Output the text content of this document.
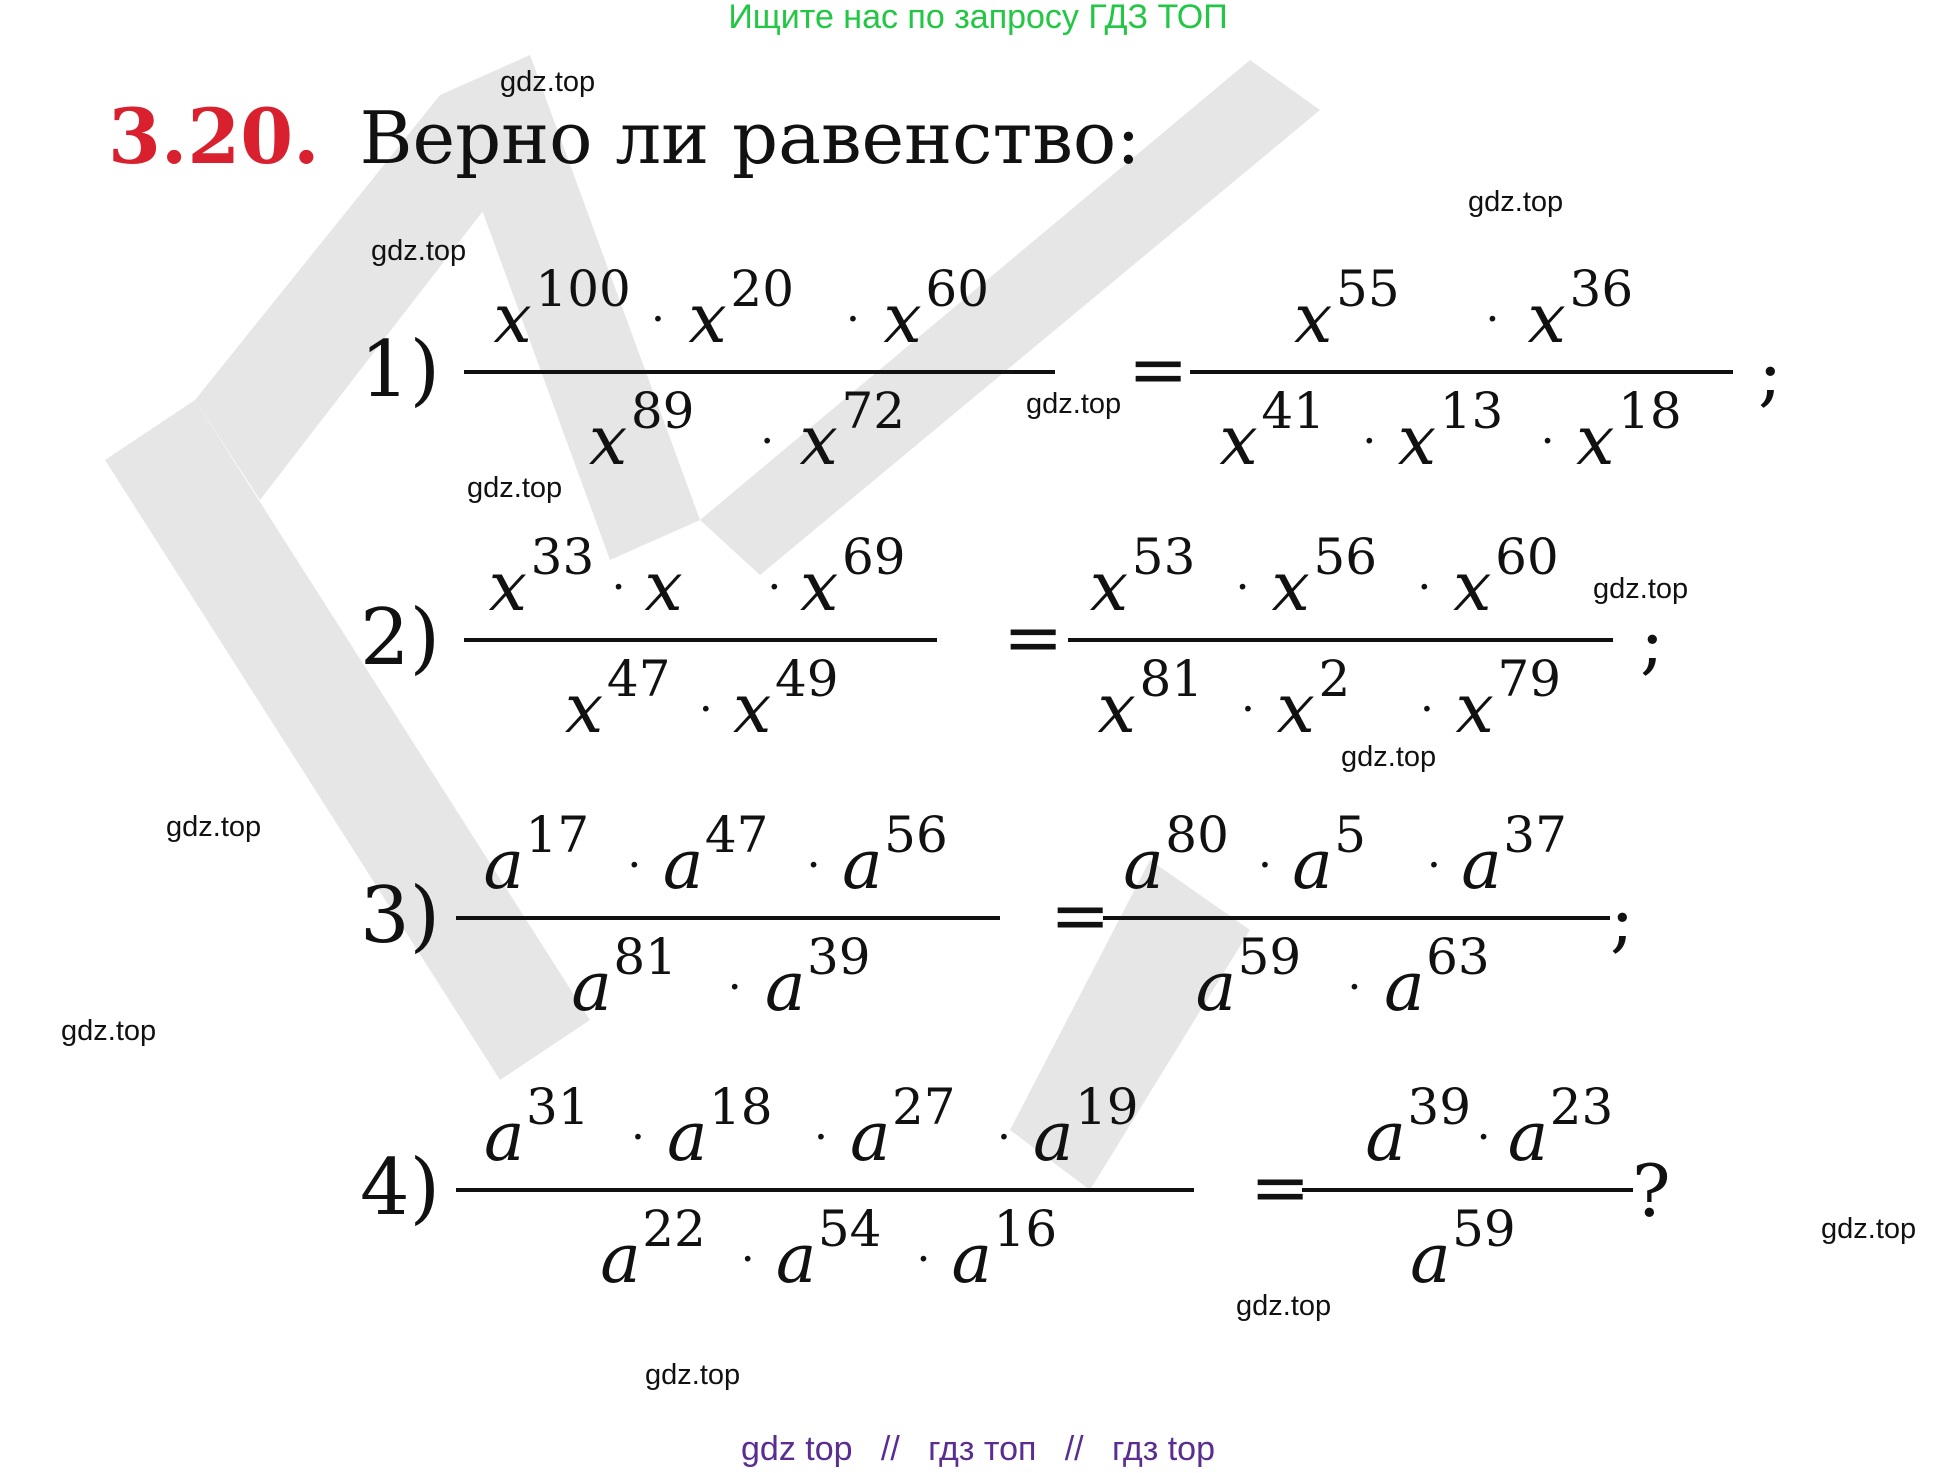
Ищите нас по запросу ГДЗ ТОП
3.20. Верно ли равенство:
1)
x 100
· x 20
· x 60
x 89
· x 72	=
x 55
· x 36
x 41
· x 13
· x 18 ;
2)
x 33
· x · x 69
x 47
· x 49 =
x 53
· x 56
· x 60
x 81
· x 2
· x 79 ;
3)
a 17
· a 47
· a 56
a 81
· a 39 =
a 80
· a 5
· a 37
a 59
· a 63 ;
4)
a 31
· a 18
· a 27
· a 19
a 22
· a 54
· a 16	=
a 39
· a 23
a 59 ?
gdz.top
gdz.top
gdz.top
gdz.top
gdz.top
gdz.top
gdz.top
gdz.top
gdz.top
gdz.top
gdz.top
gdz.top
gdz top // гдз топ // гдз top
